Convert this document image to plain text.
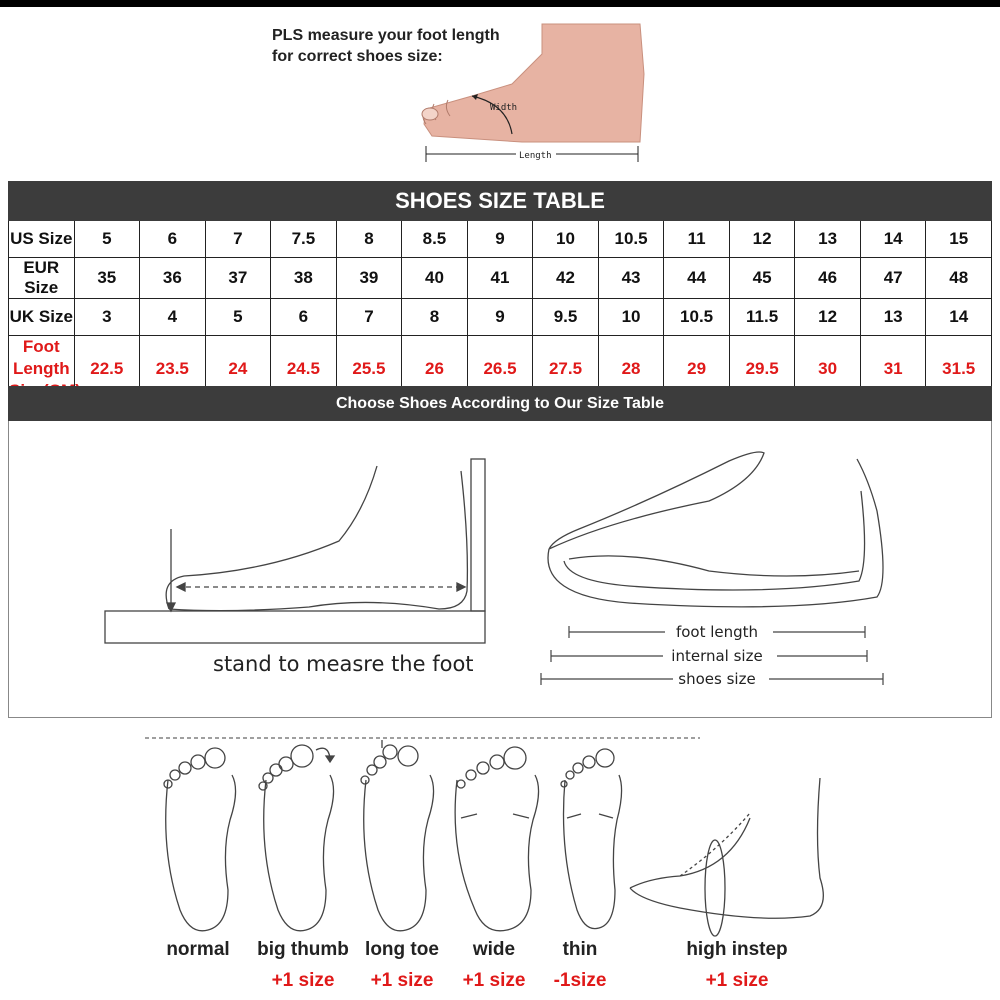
PLS measure your foot length
for correct shoes size:
Width
Length
SHOES SIZE TABLE														
US Size	5	6	7	7.5	8	8.5	9	10	10.5	11	12	13	14	15
EUR Size	35	36	37	38	39	40	41	42	43	44	45	46	47	48
UK Size	3	4	5	6	7	8	9	9.5	10	10.5	11.5	12	13	14

Foot Length	22.5	23.5	24	24.5	25.5	26	26.5	27.5	28	29	29.5	30	31	31.5
Choose Shoes According to Our Size Table
stand to measre the foot
foot length
internal size
shoes size
normal	big thumb
+1 size
long toe
+1 size
wide
+1 size
thin
-1size
high instep
+1 size
